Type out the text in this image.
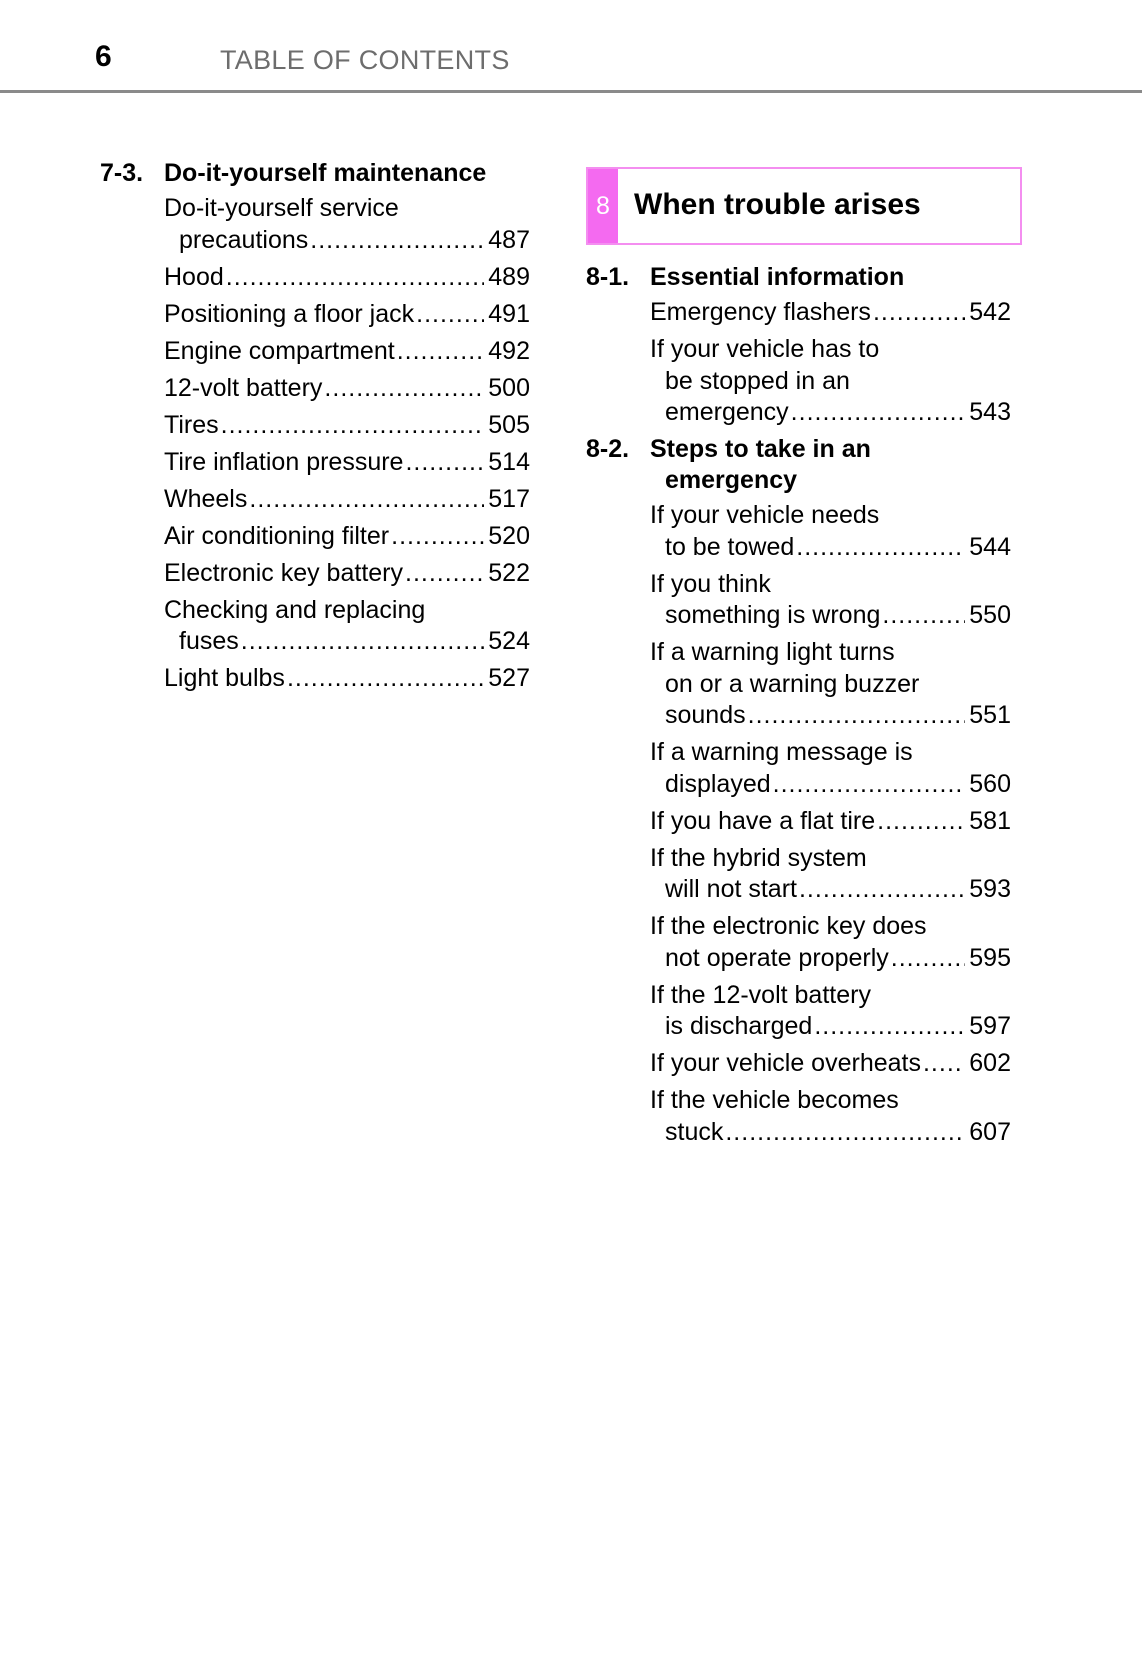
6	TABLE OF CONTENTS
7-3. Do-it-yourself maintenance
Do-it-yourself service
precautions .....	487
Hood .....	489
Positioning a floor jack .....	491
Engine compartment .....	492
12-volt battery .....	500
Tires .....	505
Tire inflation pressure .....	514
Wheels .....	517
Air conditioning filter .....	520
Electronic key battery .....	522
Checking and replacing
fuses .....	524
Light bulbs .....	527
8 When trouble arises
8-1. Essential information
Emergency flashers .....	542
If your vehicle has to
be stopped in an
emergency .....	543
8-2. Steps to take in an
emergency
If your vehicle needs
to be towed .....	544
If you think
something is wrong .....	550
If a warning light turns
on or a warning buzzer
sounds .....	551
If a warning message is
displayed .....	560
If you have a flat tire .....	581
If the hybrid system
will not start .....	593
If the electronic key does
not operate properly .....	595
If the 12-volt battery
is discharged .....	597
If your vehicle overheats ..... 602
If the vehicle becomes
stuck .....	607
